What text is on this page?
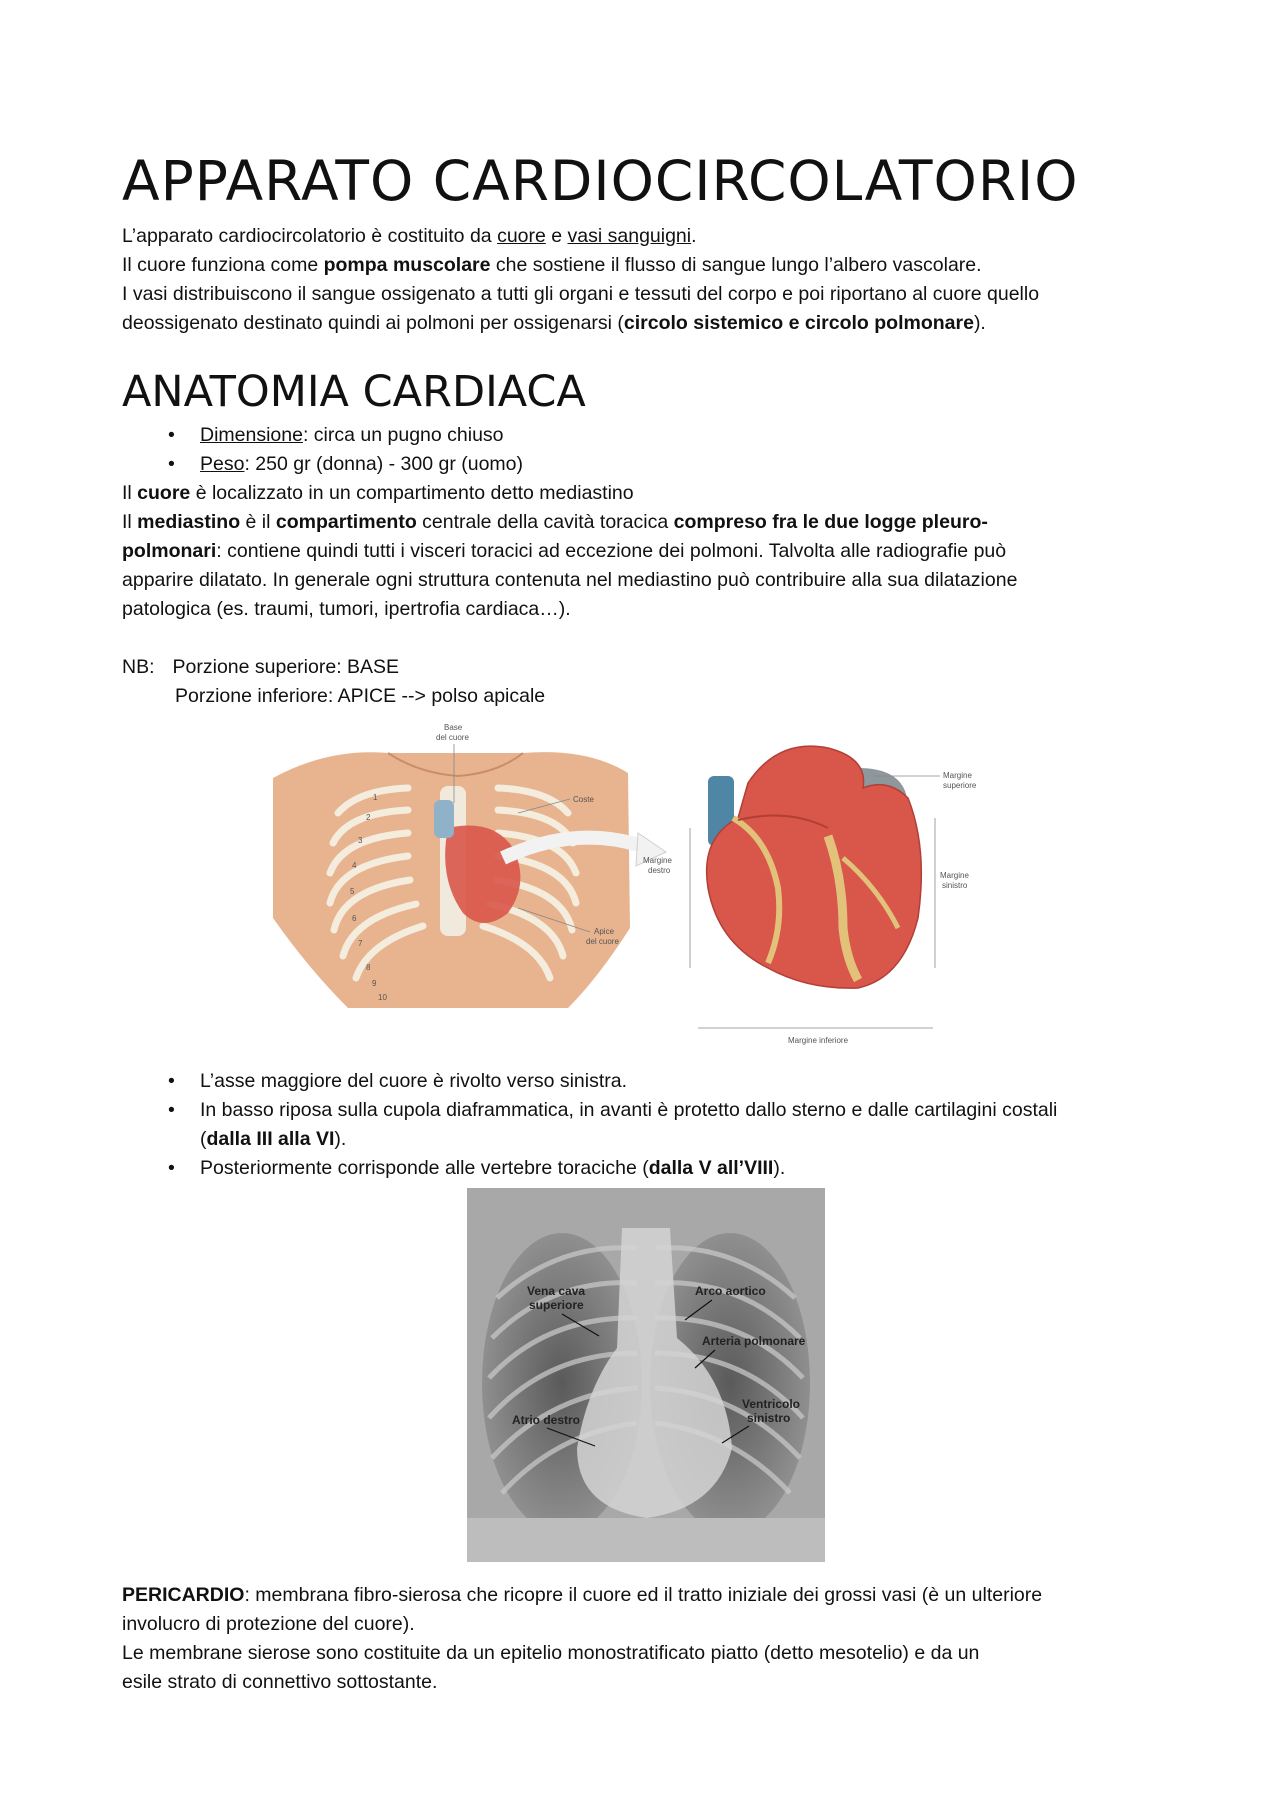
APPARATO CARDIOCIRCOLATORIO
L’apparato cardiocircolatorio è costituito da cuore e vasi sanguigni.
Il cuore funziona come pompa muscolare che sostiene il flusso di sangue lungo l’albero vascolare.
I vasi distribuiscono il sangue ossigenato a tutti gli organi e tessuti del corpo e poi riportano al cuore quello
deossigenato destinato quindi ai polmoni per ossigenarsi (circolo sistemico e circolo polmonare).
ANATOMIA CARDIACA
• Dimensione: circa un pugno chiuso
• Peso: 250 gr (donna) - 300 gr (uomo)
Il cuore è localizzato in un compartimento detto mediastino
Il mediastino è il compartimento centrale della cavità toracica compreso fra le due logge pleuro-
polmonari: contiene quindi tutti i visceri toracici ad eccezione dei polmoni. Talvolta alle radiografie può
apparire dilatato. In generale ogni struttura contenuta nel mediastino può contribuire alla sua dilatazione
patologica (es. traumi, tumori, ipertrofia cardiaca…).
NB: Porzione superiore: BASE
Porzione inferiore: APICE --> polso apicale
1
2
3
4
5
6
7
8
9
10
Base
del cuore
Coste
Apice
del cuore
Margine
superiore
Margine
destro
Margine
sinistro
Margine inferiore
• L’asse maggiore del cuore è rivolto verso sinistra.
• In basso riposa sulla cupola diaframmatica, in avanti è protetto dallo sterno e dalle cartilagini costali
(dalla III alla VI).
• Posteriormente corrisponde alle vertebre toraciche (dalla V all’VIII).
Vena cava
superiore
Arco aortico
Arteria polmonare
Atrio destro
Ventricolo
sinistro
PERICARDIO: membrana fibro-sierosa che ricopre il cuore ed il tratto iniziale dei grossi vasi (è un ulteriore
involucro di protezione del cuore).
Le membrane sierose sono costituite da un epitelio monostratificato piatto (detto mesotelio) e da un
esile strato di connettivo sottostante.
